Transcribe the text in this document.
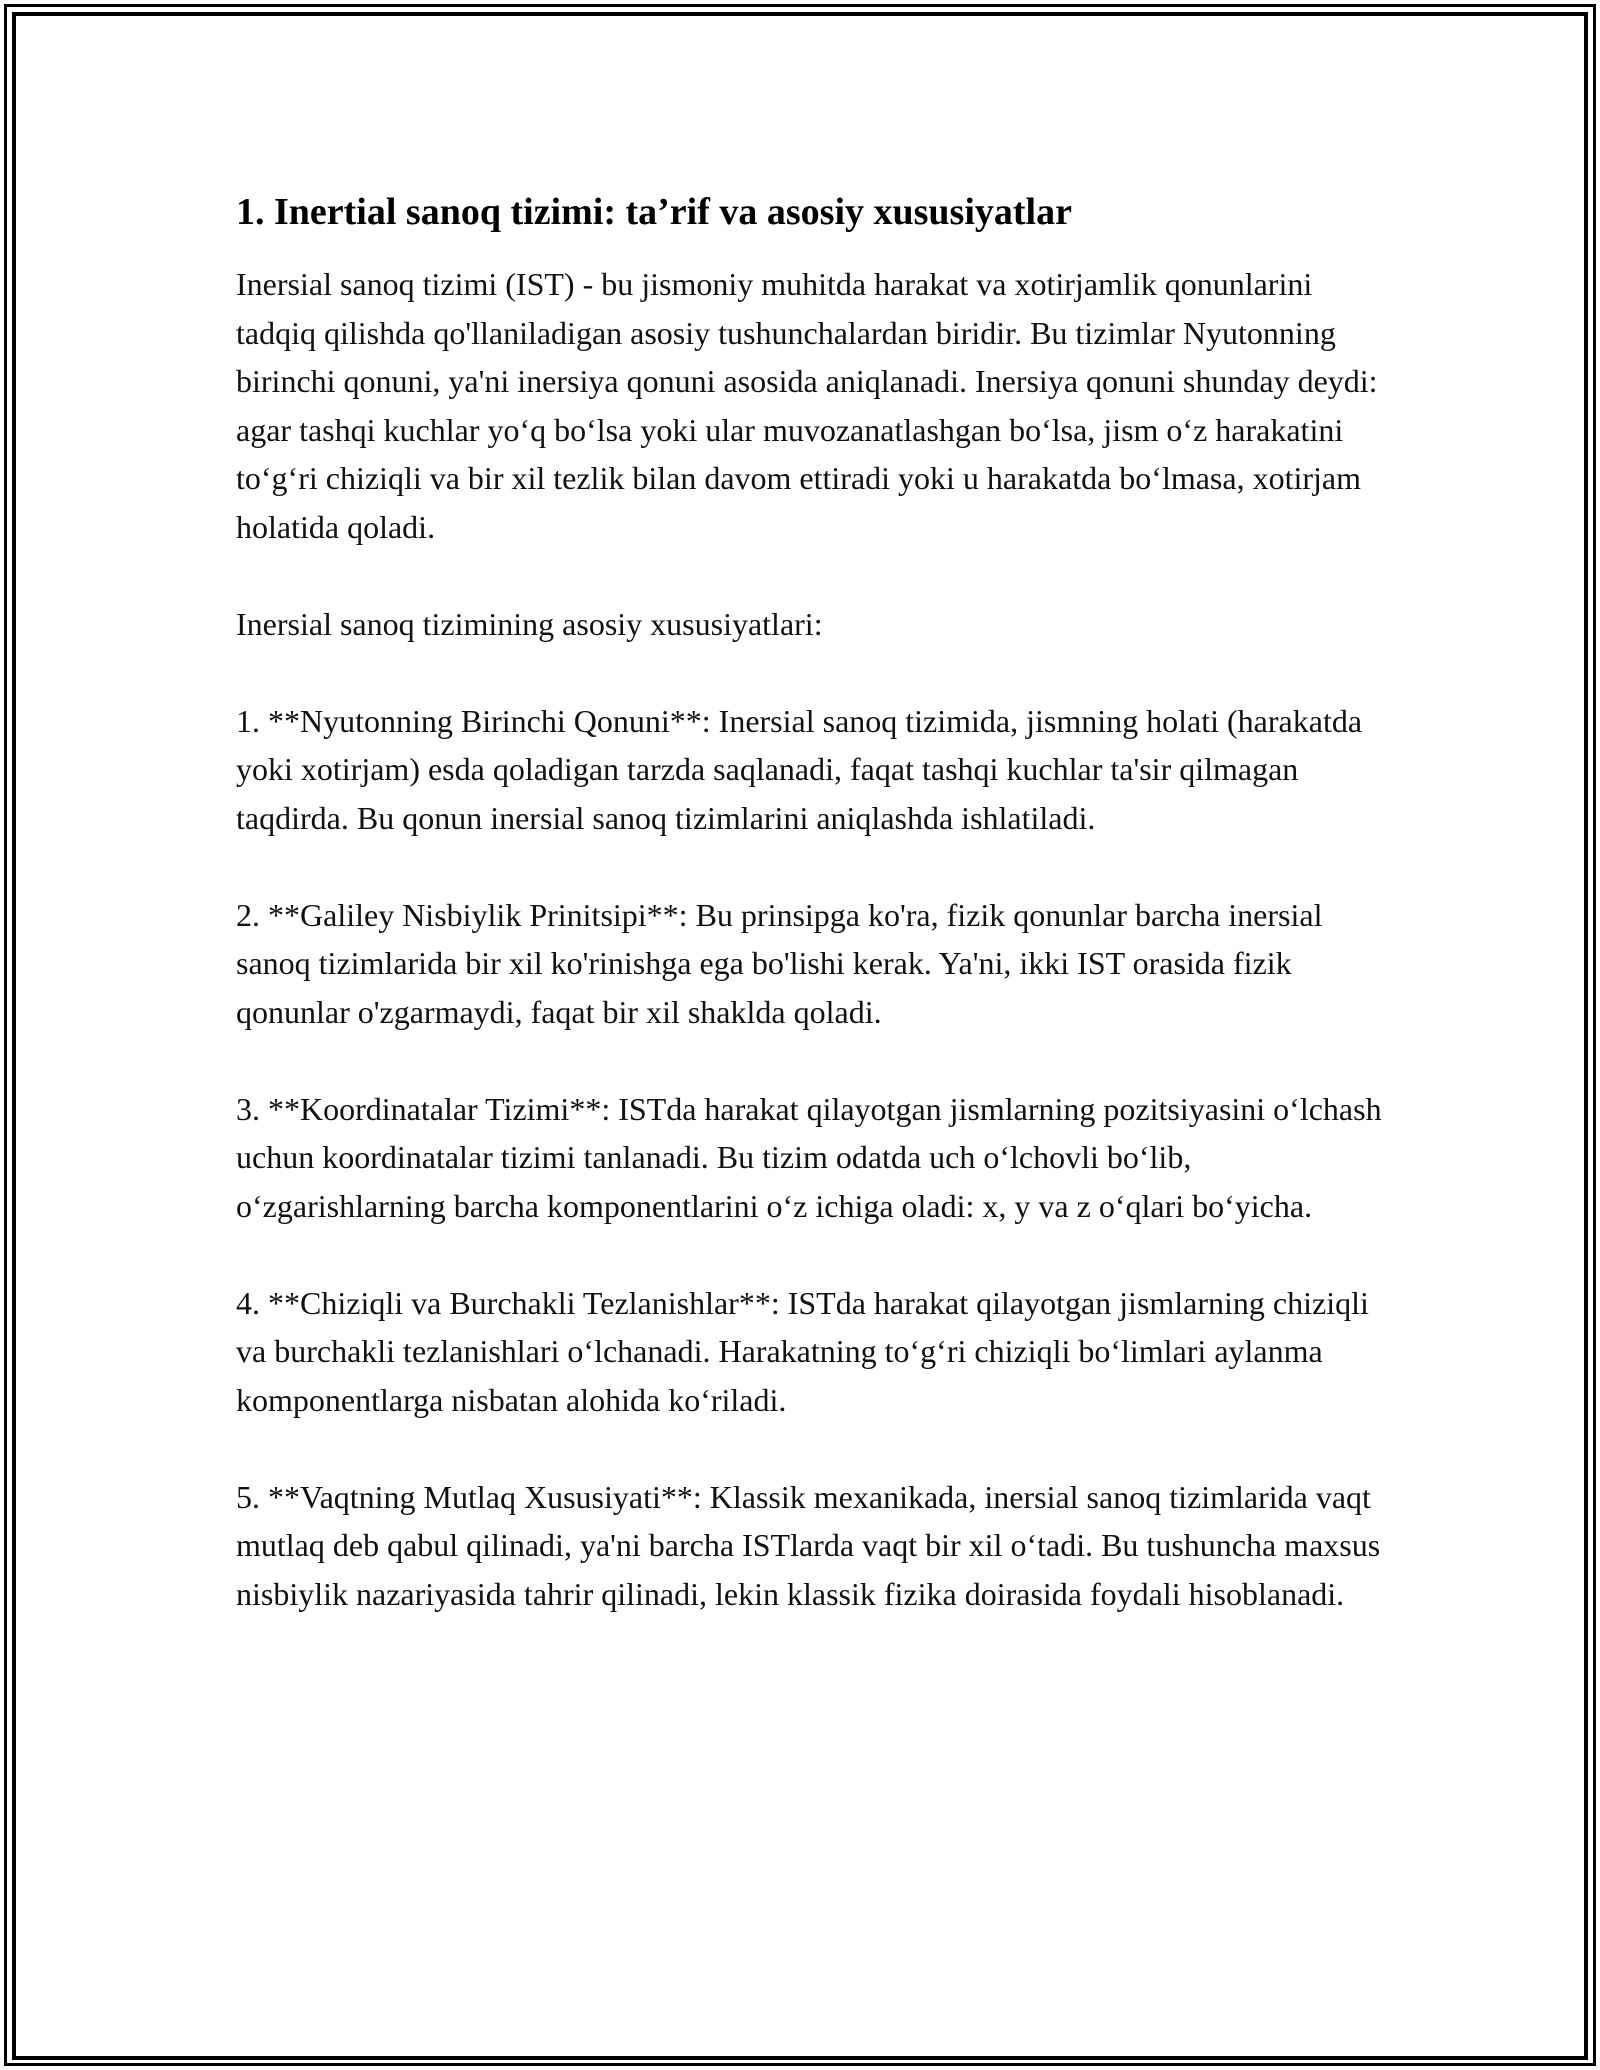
1. Inertial sanoq tizimi: ta’rif va asosiy xususiyatlar

Inersial sanoq tizimi (IST) - bu jismoniy muhitda harakat va xotirjamlik qonunlarini tadqiq qilishda qo'llaniladigan asosiy tushunchalardan biridir. Bu tizimlar Nyutonning birinchi qonuni, ya'ni inersiya qonuni asosida aniqlanadi. Inersiya qonuni shunday deydi: agar tashqi kuchlar yo‘q bo‘lsa yoki ular muvozanatlashgan bo‘lsa, jism o‘z harakatini to‘g‘ri chiziqli va bir xil tezlik bilan davom ettiradi yoki u harakatda bo‘lmasa, xotirjam holatida qoladi.

Inersial sanoq tizimining asosiy xususiyatlari:

1. **Nyutonning Birinchi Qonuni**: Inersial sanoq tizimida, jismning holati (harakatda yoki xotirjam) esda qoladigan tarzda saqlanadi, faqat tashqi kuchlar ta'sir qilmagan taqdirda. Bu qonun inersial sanoq tizimlarini aniqlashda ishlatiladi.

2. **Galiley Nisbiylik Prinitsipi**: Bu prinsipga ko'ra, fizik qonunlar barcha inersial sanoq tizimlarida bir xil ko'rinishga ega bo'lishi kerak. Ya'ni, ikki IST orasida fizik qonunlar o'zgarmaydi, faqat bir xil shaklda qoladi.

3. **Koordinatalar Tizimi**: ISTda harakat qilayotgan jismlarning pozitsiyasini o‘lchash uchun koordinatalar tizimi tanlanadi. Bu tizim odatda uch o‘lchovli bo‘lib, o‘zgarishlarning barcha komponentlarini o‘z ichiga oladi: x, y va z o‘qlari bo‘yicha.

4. **Chiziqli va Burchakli Tezlanishlar**: ISTda harakat qilayotgan jismlarning chiziqli va burchakli tezlanishlari o‘lchanadi. Harakatning to‘g‘ri chiziqli bo‘limlari aylanma komponentlarga nisbatan alohida ko‘riladi.

5. **Vaqtning Mutlaq Xususiyati**: Klassik mexanikada, inersial sanoq tizimlarida vaqt mutlaq deb qabul qilinadi, ya'ni barcha ISTlarda vaqt bir xil o‘tadi. Bu tushuncha maxsus nisbiylik nazariyasida tahrir qilinadi, lekin klassik fizika doirasida foydali hisoblanadi.
